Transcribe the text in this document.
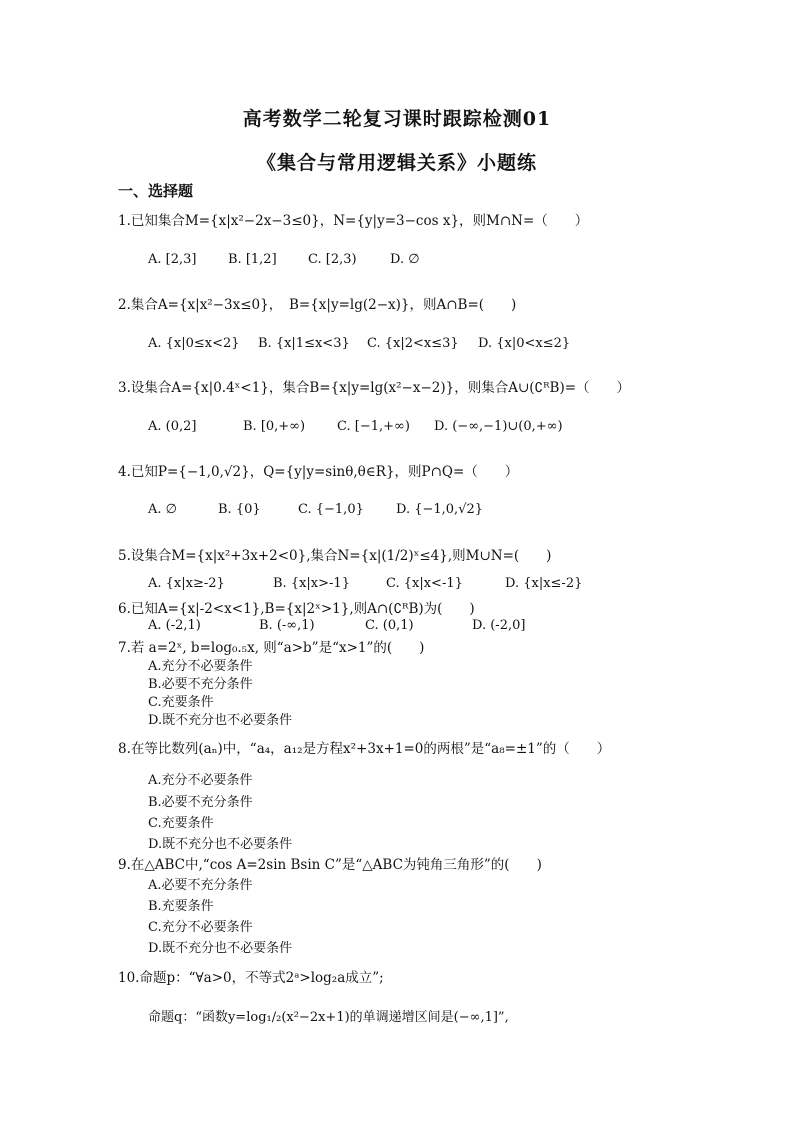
高考数学二轮复习课时跟踪检测01
《集合与常用逻辑关系》小题练
一、选择题
1.已知集合M={x|x²−2x−3≤0}，N={y|y=3−cos x}，则M∩N=（　　）
A. [2,3] B. [1,2] C. [2,3)	D. ∅
2.集合A={x|x²−3x≤0}，　B={x|y=lg(2−x)}，则A∩B=(　　)
A. {x|0≤x<2} B. {x|1≤x<3} C. {x|2<x≤3} D. {x|0<x≤2}
3.设集合A={x|0.4ˣ<1}，集合B={x|y=lg(x²−x−2)}，则集合A∪(∁ᴿB)=（　　）
A. (0,2]	B. [0,+∞) C. [−1,+∞) D. (−∞,−1)∪(0,+∞)
4.已知P={−1,0,√2}，Q={y|y=sinθ,θ∈R}，则P∩Q=（　　）
A. ∅	B. {0}	C. {−1,0} D. {−1,0,√2}
5.设集合M={x|x²+3x+2<0},集合N={x|(1/2)ˣ≤4},则M∪N=(　　)
A. {x|x≥-2}	B. {x|x>-1}	C. {x|x<-1}	D. {x|x≤-2}
6.已知A={x|-2<x<1},B={x|2ˣ>1},则A∩(∁ᴿB)为(　　)
A. (-2,1)	B. (-∞,1)	C. (0,1)	D. (-2,0]
7.若 a=2ˣ, b=log₀.₅x, 则“a>b”是“x>1”的(　　)
A.充分不必要条件
B.必要不充分条件
C.充要条件
D.既不充分也不必要条件
8.在等比数列(aₙ)中，“a₄，a₁₂是方程x²+3x+1=0的两根”是“a₈=±1”的（　　）
A.充分不必要条件
B.必要不充分条件
C.充要条件
D.既不充分也不必要条件
9.在△ABC中,“cos A=2sin Bsin C”是“△ABC为钝角三角形”的(　　)
A.必要不充分条件
B.充要条件
C.充分不必要条件
D.既不充分也不必要条件
10.命题p：“∀a>0，不等式2ᵃ>log₂a成立”;
命题q：“函数y=log₁/₂(x²−2x+1)的单调递增区间是(−∞,1]”,
